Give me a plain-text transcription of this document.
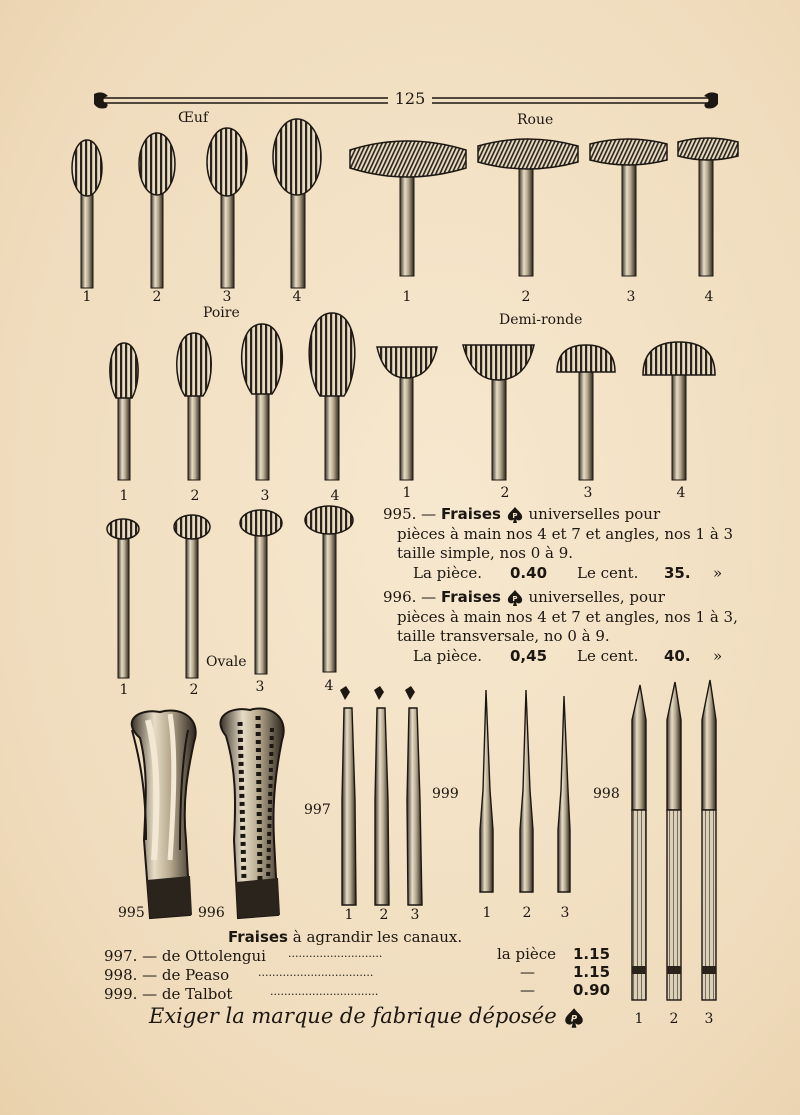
125
Œuf	Roue
Poire	Demi-ronde
Ovale
1	2	3	4	1	2	3	4
1	2	3	4	1	2	3	4
1	2	3	4
995. — Fraises P universelles pour
pièces à main nos 4 et 7 et angles, nos 1 à 3
taille simple, nos 0 à 9.
La pièce. 0.40 Le cent. 35. »
996. — Fraises P universelles, pour
pièces à main nos 4 et 7 et angles, nos 1 à 3,
taille transversale, no 0 à 9.
La pièce. 0,45 Le cent. 40. »
995	996
997
999	998
1	2	3	1	2	3
1	2	3
Fraises à agrandir les canaux.
997. — de Ottolengui ...........................	la pièce 1.15
998. — de Peaso	.................................	—	1.15
999. — de Talbot	...............................	—	0.90
Exiger la marque de fabrique déposée P
